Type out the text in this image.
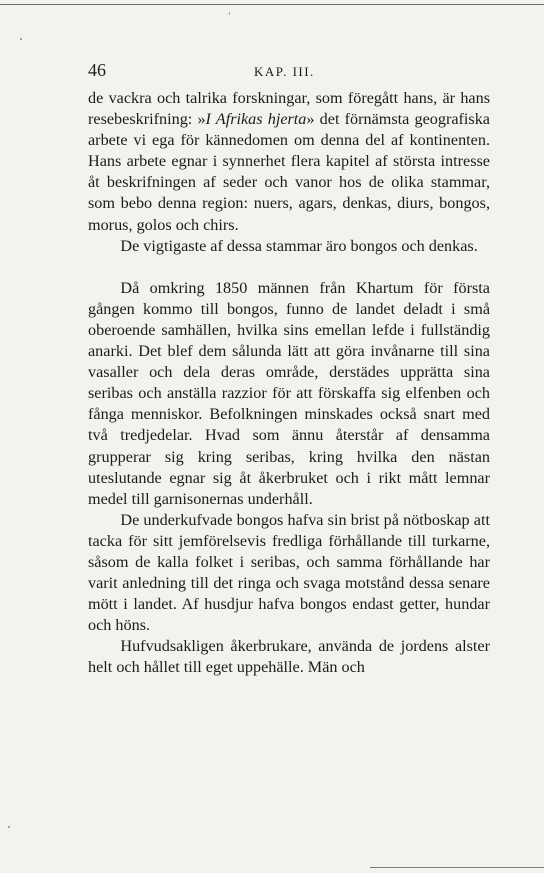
46	KAP. III.

de vackra och talrika forskningar, som föregått hans, är hans resebeskrifning: »I Afrikas hjerta» det förnämsta geografiska arbete vi ega för kännedomen om denna del af kontinenten. Hans arbete egnar i synnerhet flera kapitel af största intresse åt beskrifningen af seder och vanor hos de olika stammar, som bebo denna region: nuers, agars, denkas, diurs, bongos, morus, golos och chirs.

De vigtigaste af dessa stammar äro bongos och denkas.

Då omkring 1850 männen från Khartum för första gången kommo till bongos, funno de landet deladt i små oberoende samhällen, hvilka sins emellan lefde i fullständig anarki. Det blef dem sålunda lätt att göra invånarne till sina vasaller och dela deras område, derstädes upprätta sina seribas och anställa razzior för att förskaffa sig elfenben och fånga menniskor. Befolkningen minskades också snart med två tredjedelar. Hvad som ännu återstår af densamma grupperar sig kring seribas, kring hvilka den nästan uteslutande egnar sig åt åkerbruket och i rikt mått lemnar medel till garnisonernas underhåll.

De underkufvade bongos hafva sin brist på nötboskap att tacka för sitt jemförelsevis fredliga förhållande till turkarne, såsom de kalla folket i seribas, och samma förhållande har varit anledning till det ringa och svaga motstånd dessa senare mött i landet. Af husdjur hafva bongos endast getter, hundar och höns.

Hufvudsakligen åkerbrukare, använda de jordens alster helt och hållet till eget uppehälle. Män och
